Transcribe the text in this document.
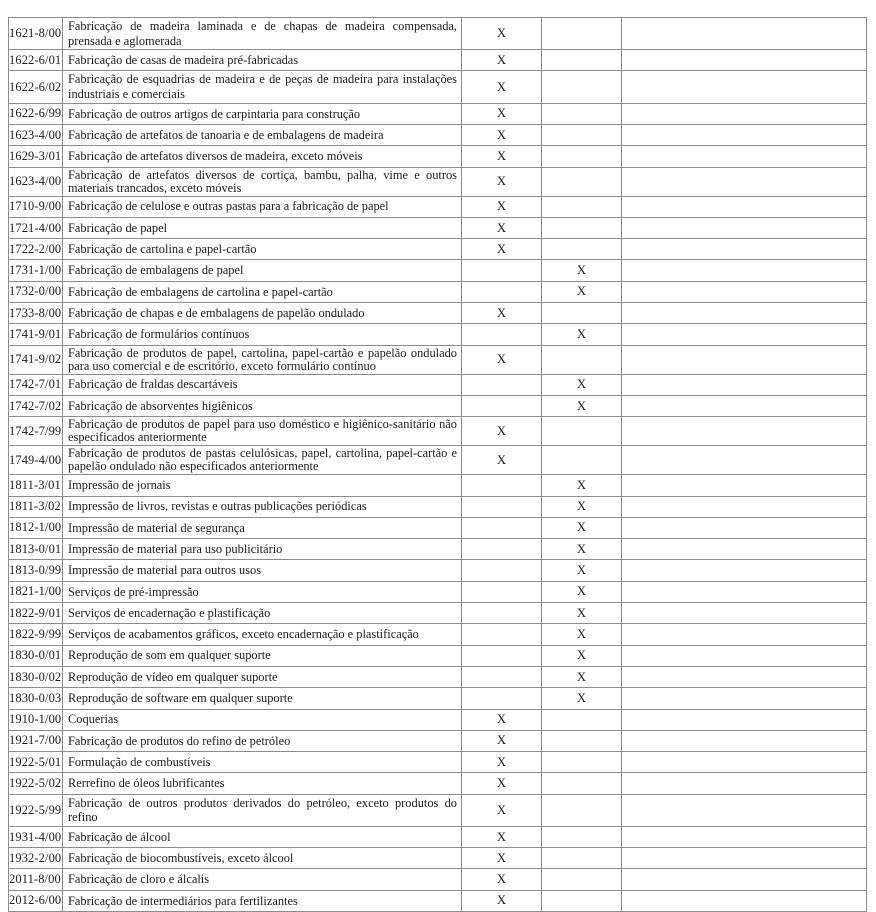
1621-8/00	Fabricação de madeira laminada e de chapas de madeira compensada, prensada e aglomerada	X		
1622-6/01	Fabricação de casas de madeira pré-fabricadas	X		
1622-6/02	Fabricação de esquadrias de madeira e de peças de madeira para instalações industriais e comerciais	X		
1622-6/99	Fabricação de outros artigos de carpintaria para construção	X		
1623-4/00	Fabricação de artefatos de tanoaria e de embalagens de madeira	X		
1629-3/01	Fabricação de artefatos diversos de madeira, exceto móveis	X		
1623-4/00	Fabricação de artefatos diversos de cortiça, bambu, palha, vime e outros materiais trancados, exceto móveis	X		
1710-9/00	Fabricação de celulose e outras pastas para a fabricação de papel	X		
1721-4/00	Fabricação de papel	X		
1722-2/00	Fabricação de cartolina e papel-cartão	X		
1731-1/00	Fabricação de embalagens de papel		X	
1732-0/00	Fabricação de embalagens de cartolina e papel-cartão		X	
1733-8/00	Fabricação de chapas e de embalagens de papelão ondulado	X		
1741-9/01	Fabricação de formulários contínuos		X	
1741-9/02	Fabricação de produtos de papel, cartolina, papel-cartão e papelão ondulado para uso comercial e de escritório, exceto formulário contínuo	X		
1742-7/01	Fabricação de fraldas descartáveis		X	
1742-7/02	Fabricação de absorventes higiênicos		X	
1742-7/99	Fabricação de produtos de papel para uso doméstico e higiênico-sanitário não especificados anteriormente	X		
1749-4/00	Fabricação de produtos de pastas celulósicas, papel, cartolina, papel-cartão e papelão ondulado não especificados anteriormente	X		
1811-3/01	Impressão de jornais		X	
1811-3/02	Impressão de livros, revistas e outras publicações periódicas		X	
1812-1/00	Impressão de material de segurança		X	
1813-0/01	Impressão de material para uso publicitário		X	
1813-0/99	Impressão de material para outros usos		X	
1821-1/00	Serviços de pré-impressão		X	
1822-9/01	Serviços de encadernação e plastificação		X	
1822-9/99	Serviços de acabamentos gráficos, exceto encadernação e plastificação		X	
1830-0/01	Reprodução de som em qualquer suporte		X	
1830-0/02	Reprodução de vídeo em qualquer suporte		X	
1830-0/03	Reprodução de software em qualquer suporte		X	
1910-1/00	Coquerias	X		
1921-7/00	Fabricação de produtos do refino de petróleo	X		
1922-5/01	Formulação de combustíveis	X		
1922-5/02	Rerrefino de óleos lubrificantes	X		
1922-5/99	Fabricação de outros produtos derivados do petróleo, exceto produtos do refino	X		
1931-4/00	Fabricação de álcool	X		
1932-2/00	Fabricação de biocombustíveis, exceto álcool	X		
2011-8/00	Fabricação de cloro e álcalis	X		
2012-6/00	Fabricação de intermediários para fertilizantes	X		
